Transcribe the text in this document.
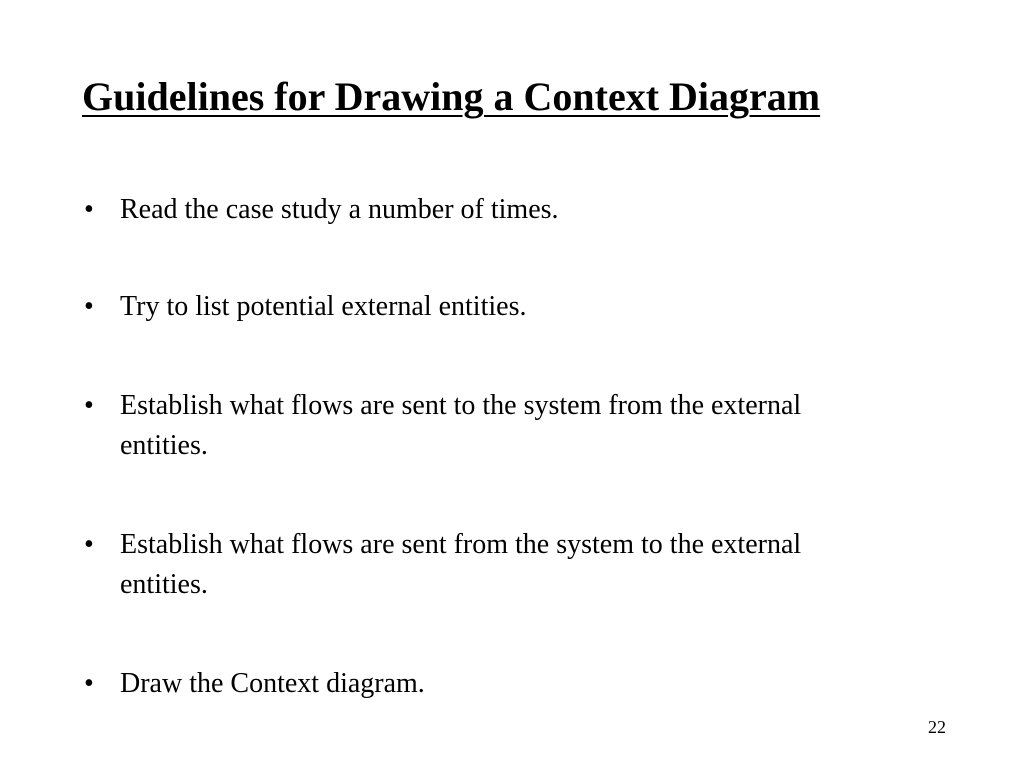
Guidelines for Drawing a Context Diagram
• Read the case study a number of times.
• Try to list potential external entities.
• Establish what flows are sent to the system from the external entities.
• Establish what flows are sent from the system to the external entities.
• Draw the Context diagram.
22
